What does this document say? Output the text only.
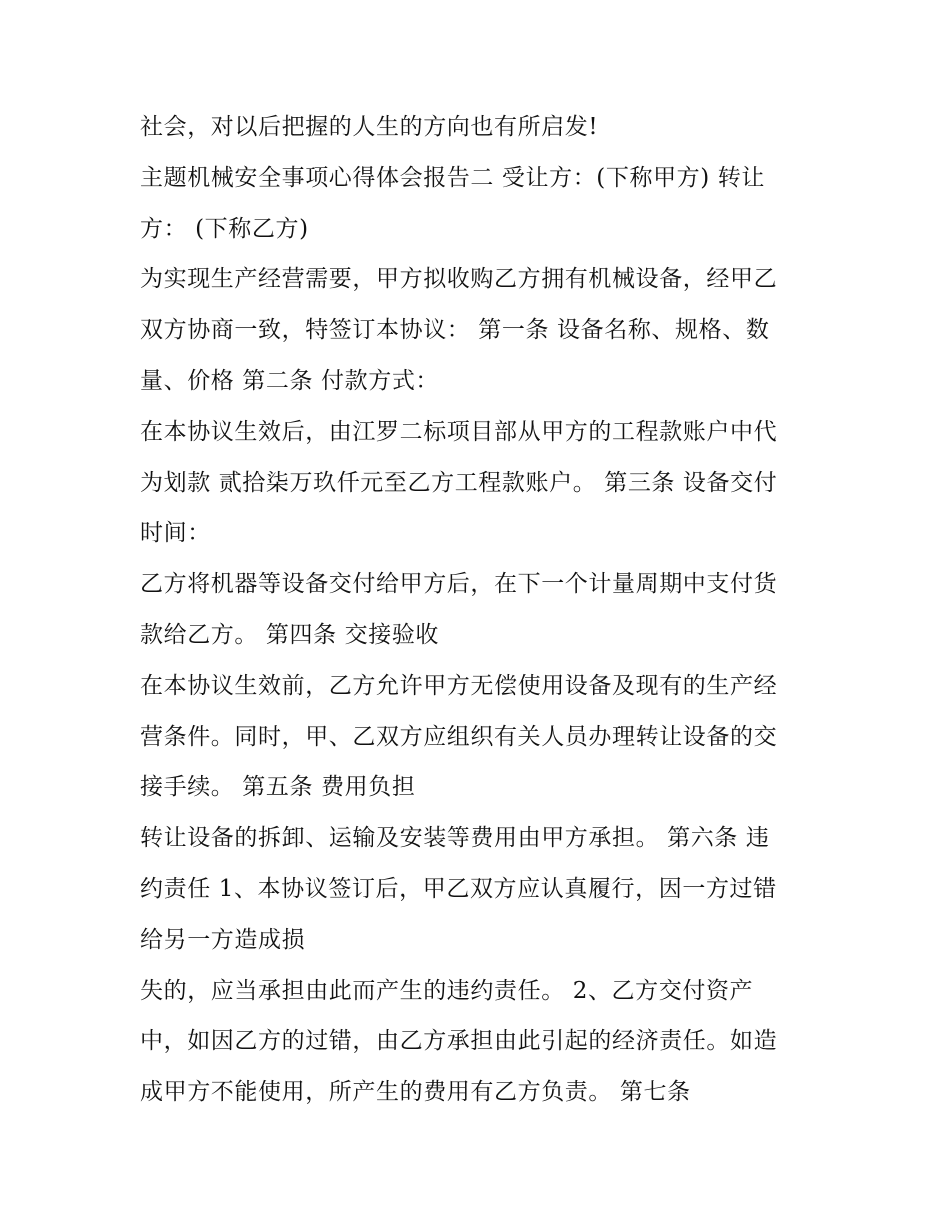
社会，对以后把握的人生的方向也有所启发!
主题机械安全事项心得体会报告二 受让方：(下称甲方) 转让
方： (下称乙方)
为实现生产经营需要，甲方拟收购乙方拥有机械设备，经甲乙
双方协商一致，特签订本协议： 第一条 设备名称、规格、数
量、价格 第二条 付款方式：
在本协议生效后，由江罗二标项目部从甲方的工程款账户中代
为划款 贰拾柒万玖仟元至乙方工程款账户。 第三条 设备交付
时间：
乙方将机器等设备交付给甲方后，在下一个计量周期中支付货
款给乙方。 第四条 交接验收
在本协议生效前，乙方允许甲方无偿使用设备及现有的生产经
营条件。同时，甲、乙双方应组织有关人员办理转让设备的交
接手续。 第五条 费用负担
转让设备的拆卸、运输及安装等费用由甲方承担。 第六条 违
约责任 1、本协议签订后，甲乙双方应认真履行，因一方过错
给另一方造成损
失的，应当承担由此而产生的违约责任。 2、乙方交付资产
中，如因乙方的过错，由乙方承担由此引起的经济责任。如造
成甲方不能使用，所产生的费用有乙方负责。 第七条
